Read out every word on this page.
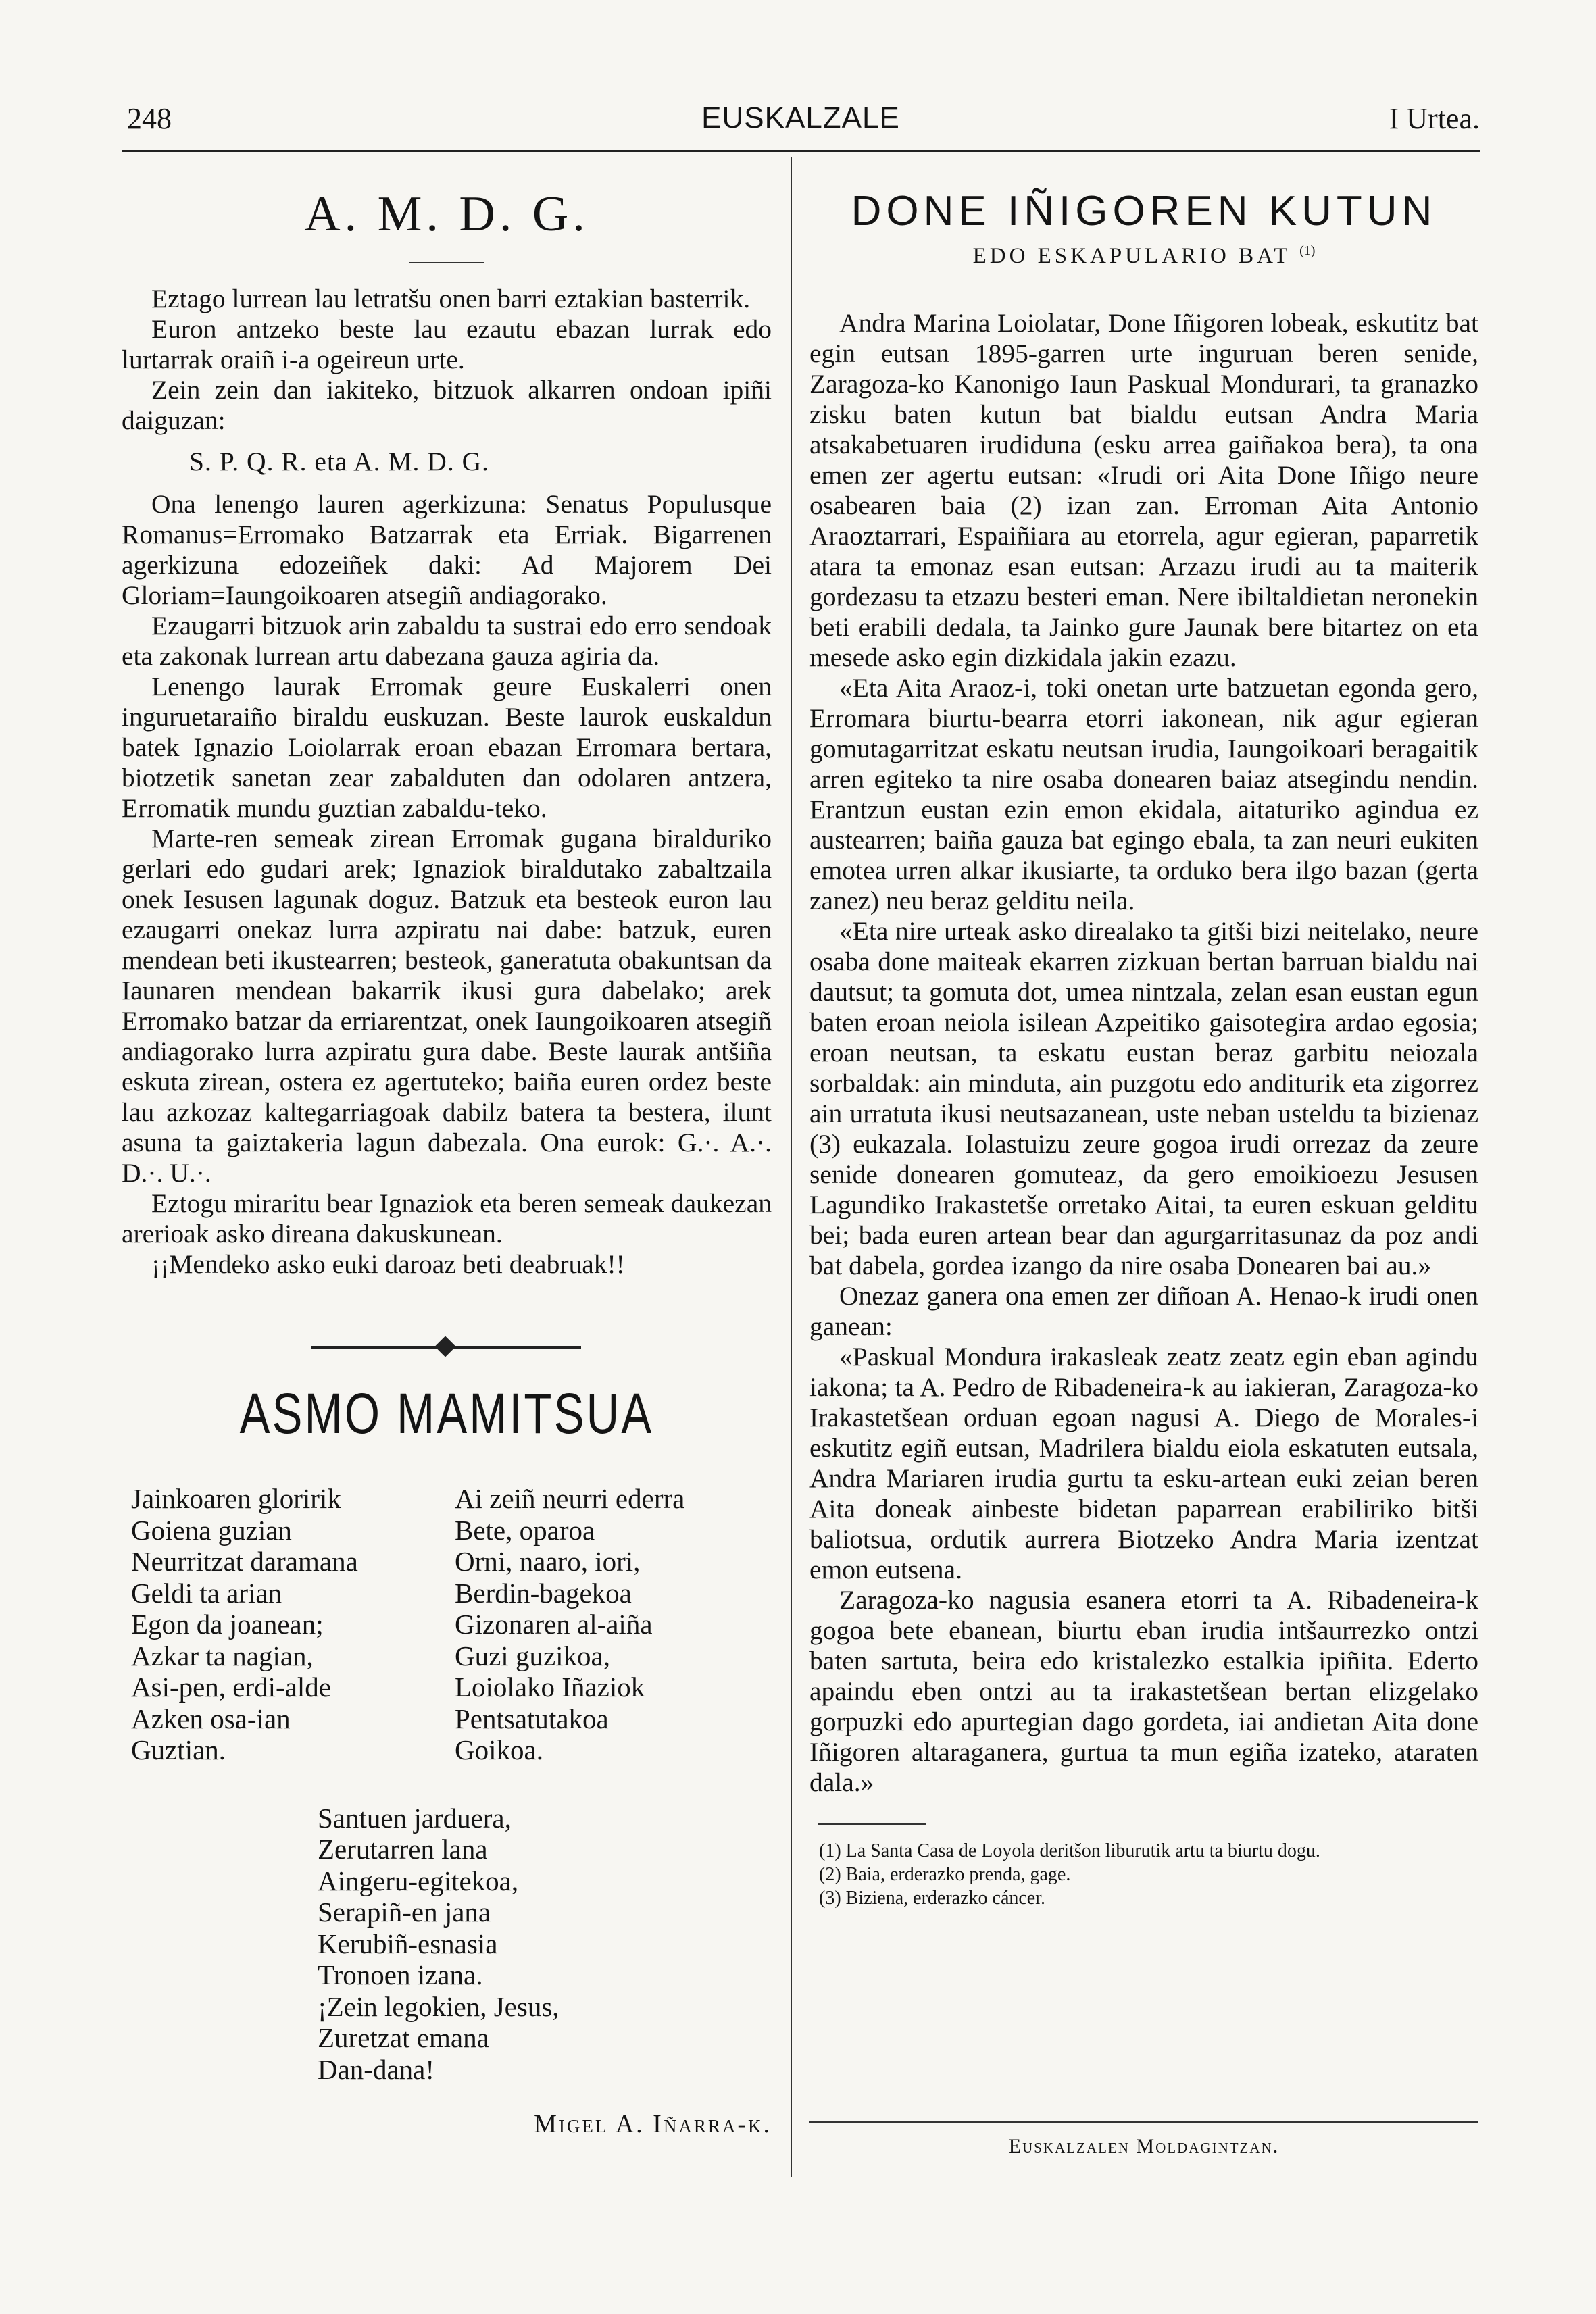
248	EUSKALZALE	I Urtea.
A. M. D. G.

Eztago lurrean lau letratšu onen barri eztakian basterrik.

Euron antzeko beste lau ezautu ebazan lurrak edo lurtarrak oraiñ i-a ogeireun urte.

Zein zein dan iakiteko, bitzuok alkarren ondoan ipiñi daiguzan:

S. P. Q. R. eta A. M. D. G.

Ona lenengo lauren agerkizuna: Senatus Populusque Romanus=Erromako Batzarrak eta Erriak. Bigarrenen agerkizuna edozeiñek daki: Ad Majorem Dei Gloriam=Iaungoikoaren atsegiñ andiagorako.

Ezaugarri bitzuok arin zabaldu ta sustrai edo erro sendoak eta zakonak lurrean artu dabezana gauza agiria da.

Lenengo laurak Erromak geure Euskalerri onen inguruetaraiño biraldu euskuzan. Beste laurok euskaldun batek Ignazio Loiolarrak eroan ebazan Erromara bertara, biotzetik sanetan zear zabalduten dan odolaren antzera, Erromatik mundu guztian zabaldu-teko.

Marte-ren semeak zirean Erromak gugana biralduriko gerlari edo gudari arek; Ignaziok biraldutako zabaltzaila onek Iesusen lagunak doguz. Batzuk eta besteok euron lau ezaugarri onekaz lurra azpiratu nai dabe: batzuk, euren mendean beti ikustearren; besteok, ganeratuta obakuntsan da Iaunaren mendean bakarrik ikusi gura dabelako; arek Erromako batzar da erriarentzat, onek Iaungoikoaren atsegiñ andiagorako lurra azpiratu gura dabe. Beste laurak antšiña eskuta zirean, ostera ez agertuteko; baiña euren ordez beste lau azkozaz kaltegarriagoak dabilz batera ta bestera, ilunt​asuna ta gaiztakeria lagun dabezala. Ona eurok: G.·. A.·. D.·. U.·.

Eztogu miraritu bear Ignaziok eta beren semeak daukezan arerioak asko direana dakuskunean.

¡¡Mendeko asko euki daroaz beti deabruak!!

ASMO MAMITSUA
Jainkoaren gloririk
Goiena guzian
Neurritzat daramana
Geldi ta arian
Egon da joanean;
Azkar ta nagian,
Asi-pen, erdi-alde
Azken osa-ian
Guztian.
Ai zeiñ neurri ederra
Bete, oparoa
Orni, naaro, iori,
Berdin-bagekoa
Gizonaren al-aiña
Guzi guzikoa,
Loiolako Iñaziok
Pentsatutakoa
Goikoa.
Santuen jarduera,
Zerutarren lana
Aingeru-egitekoa,
Serapiñ-en jana
Kerubiñ-esnasia
Tronoen izana.
¡Zein legokien, Jesus,
Zuretzat emana
Dan-dana!
Migel A. Iñarra-k.
DONE IÑIGOREN KUTUN
EDO ESKAPULARIO BAT $^{(1)}$

Andra Marina Loiolatar, Done Iñigoren lobeak, eskutitz bat egin eutsan 1895-garren urte inguruan beren senide, Zaragoza-ko Kanonigo Iaun Paskual Mondurari, ta granazko zisku baten kutun bat bialdu eutsan Andra Maria atsakabetuaren irudiduna (esku arrea gaiñakoa bera), ta ona emen zer agertu eutsan: «Irudi ori Aita Done Iñigo neure osabearen baia (2) izan zan. Erroman Aita Antonio Araoztarrari, Espaiñiara au etorrela, agur egieran, paparretik atara ta emonaz esan eutsan: Arzazu irudi au ta maiterik gordezasu ta etzazu besteri eman. Nere ibiltaldietan neronekin beti erabili dedala, ta Jainko gure Jaunak bere bitartez on eta mesede asko egin dizkidala jakin ezazu.

«Eta Aita Araoz-i, toki onetan urte batzuetan egonda gero, Erromara biurtu-bearra etorri iakonean, nik agur egieran gomutagarritzat eskatu neutsan irudia, Iaungoikoari beragaitik arren egiteko ta nire osaba donearen baiaz atsegindu nendin. Erantzun eustan ezin emon ekidala, aitaturiko agindua ez austearren; baiña gauza bat egingo ebala, ta zan neuri eukiten emotea urren alkar ikusiarte, ta orduko bera ilgo bazan (gerta zanez) neu beraz gelditu neila.

«Eta nire urteak asko direalako ta gitši bizi neitelako, neure osaba done maiteak ekarren zizkuan bertan barruan bialdu nai dautsut; ta gomuta dot, umea nintzala, zelan esan eustan egun baten eroan neiola isilean Azpeitiko gaisotegira ardao egosia; eroan neutsan, ta eskatu eustan beraz garbitu neiozala sorbaldak: ain minduta, ain puzgotu edo anditurik eta zigorrez ain urratuta ikusi neutsazanean, uste neban usteldu ta bizienaz (3) eukazala. Iolastuizu zeure gogoa irudi orrezaz da zeure senide donearen gomuteaz, da gero emoikioezu Jesusen Lagundiko Irakastetše orretako Aitai, ta euren eskuan gelditu bei; bada euren artean bear dan agurgarritasunaz da poz andi bat dabela, gordea izango da nire osaba Donearen bai au.»

Onezaz ganera ona emen zer diñoan A. Henao-k irudi onen ganean:

«Paskual Mondura irakasleak zeatz zeatz egin eban agindu iakona; ta A. Pedro de Ribadeneira-k au iakieran, Zaragoza-ko Irakastetšean orduan egoan nagusi A. Diego de Morales-i eskutitz egiñ eutsan, Madrilera bialdu eiola eskatuten eutsala, Andra Mariaren irudia gurtu ta esku-artean euki zeian beren Aita doneak ainbeste bidetan paparrean erabiliriko bitši baliotsua, ordutik aurrera Biotzeko Andra Maria izentzat emon eutsena.

Zaragoza-ko nagusia esanera etorri ta A. Ribadeneira-k gogoa bete ebanean, biurtu eban irudia intšaurrezko ontzi baten sartuta, beira edo kristalezko estalkia ipiñita. Ederto apaindu eben ontzi au ta irakastetšean bertan elizgelako gorpuzki edo apurtegian dago gordeta, iai andietan Aita done Iñigoren altaraganera, gurtua ta mun egiña izateko, ataraten dala.»

(1) La Santa Casa de Loyola deritšon liburutik artu ta biurtu dogu.

(2) Baia, erderazko prenda, gage.

(3) Biziena, erderazko cáncer.

Euskalzalen Moldagintzan.
